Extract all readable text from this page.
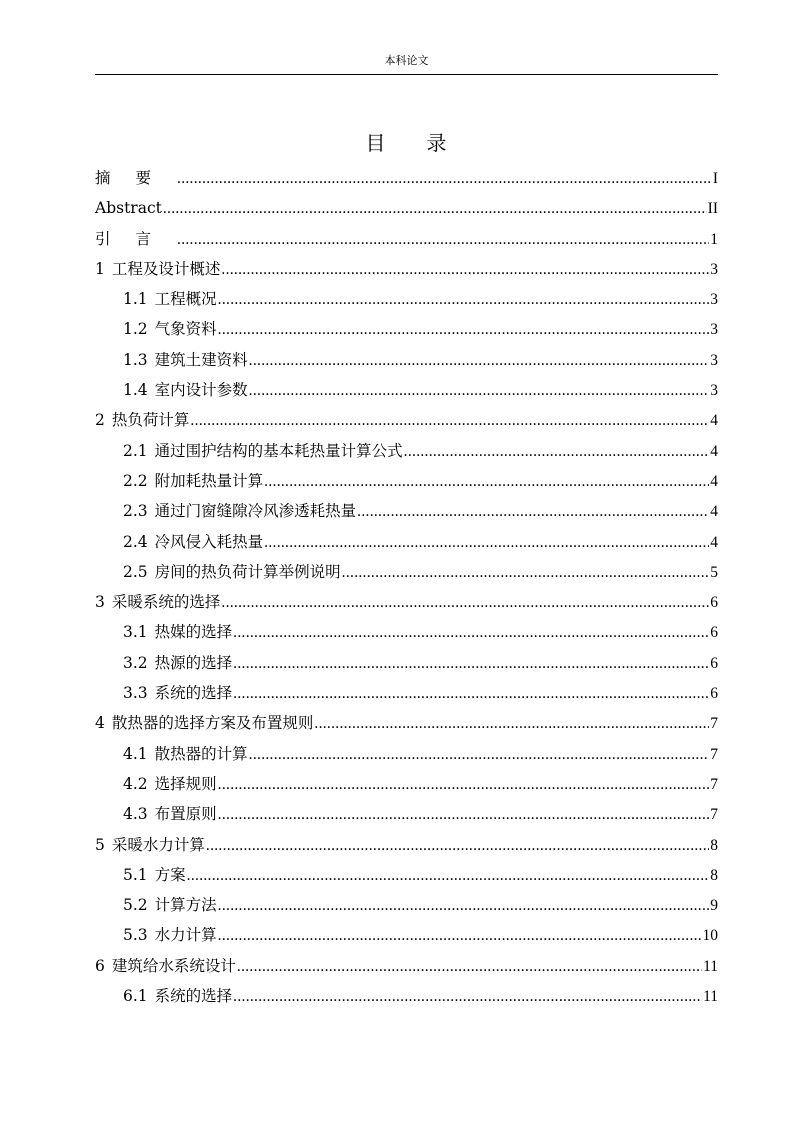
本科论文
目 录
摘要 .....	I
Abstract .....	II
引言 .....	1
1 工程及设计概述 .....	3
1.1 工程概况 .....	3
1.2 气象资料 .....	3
1.3 建筑土建资料 .....	3
1.4 室内设计参数 .....	3
2 热负荷计算 .....	4
2.1 通过围护结构的基本耗热量计算公式 .....	4
2.2 附加耗热量计算 .....	4
2.3 通过门窗缝隙冷风渗透耗热量 .....	4
2.4 冷风侵入耗热量 .....	4
2.5 房间的热负荷计算举例说明 .....	5
3 采暖系统的选择 .....	6
3.1 热媒的选择 .....	6
3.2 热源的选择 .....	6
3.3 系统的选择 .....	6
4 散热器的选择方案及布置规则 .....	7
4.1 散热器的计算 .....	7
4.2 选择规则 .....	7
4.3 布置原则 .....	7
5 采暖水力计算 .....	8
5.1 方案 .....	8
5.2 计算方法 .....	9
5.3 水力计算 .....	10
6 建筑给水系统设计 .....	11
6.1 系统的选择 .....	11
